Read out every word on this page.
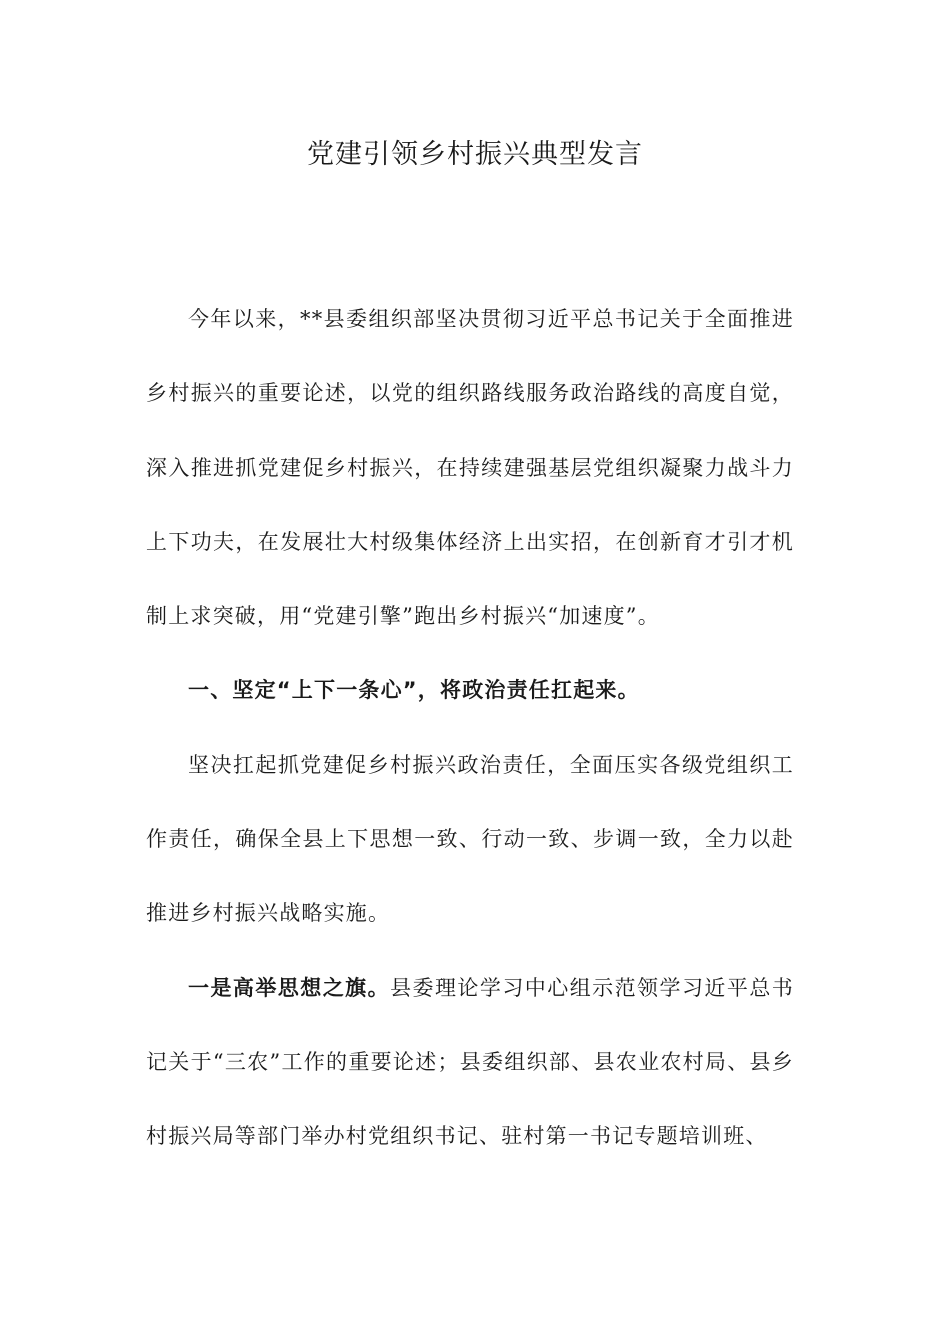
党建引领乡村振兴典型发言

今年以来，**县委组织部坚决贯彻习近平总书记关于全面推进乡村振兴的重要论述，以党的组织路线服务政治路线的高度自觉，深入推进抓党建促乡村振兴，在持续建强基层党组织凝聚力战斗力上下功夫，在发展壮大村级集体经济上出实招，在创新育才引才机制上求突破，用“党建引擎”跑出乡村振兴“加速度”。

一、坚定“上下一条心”，将政治责任扛起来。

坚决扛起抓党建促乡村振兴政治责任，全面压实各级党组织工作责任，确保全县上下思想一致、行动一致、步调一致，全力以赴推进乡村振兴战略实施。

一是高举思想之旗。县委理论学习中心组示范领学习近平总书记关于“三农”工作的重要论述；县委组织部、县农业农村局、县乡村振兴局等部门举办村党组织书记、驻村第一书记专题培训班、
